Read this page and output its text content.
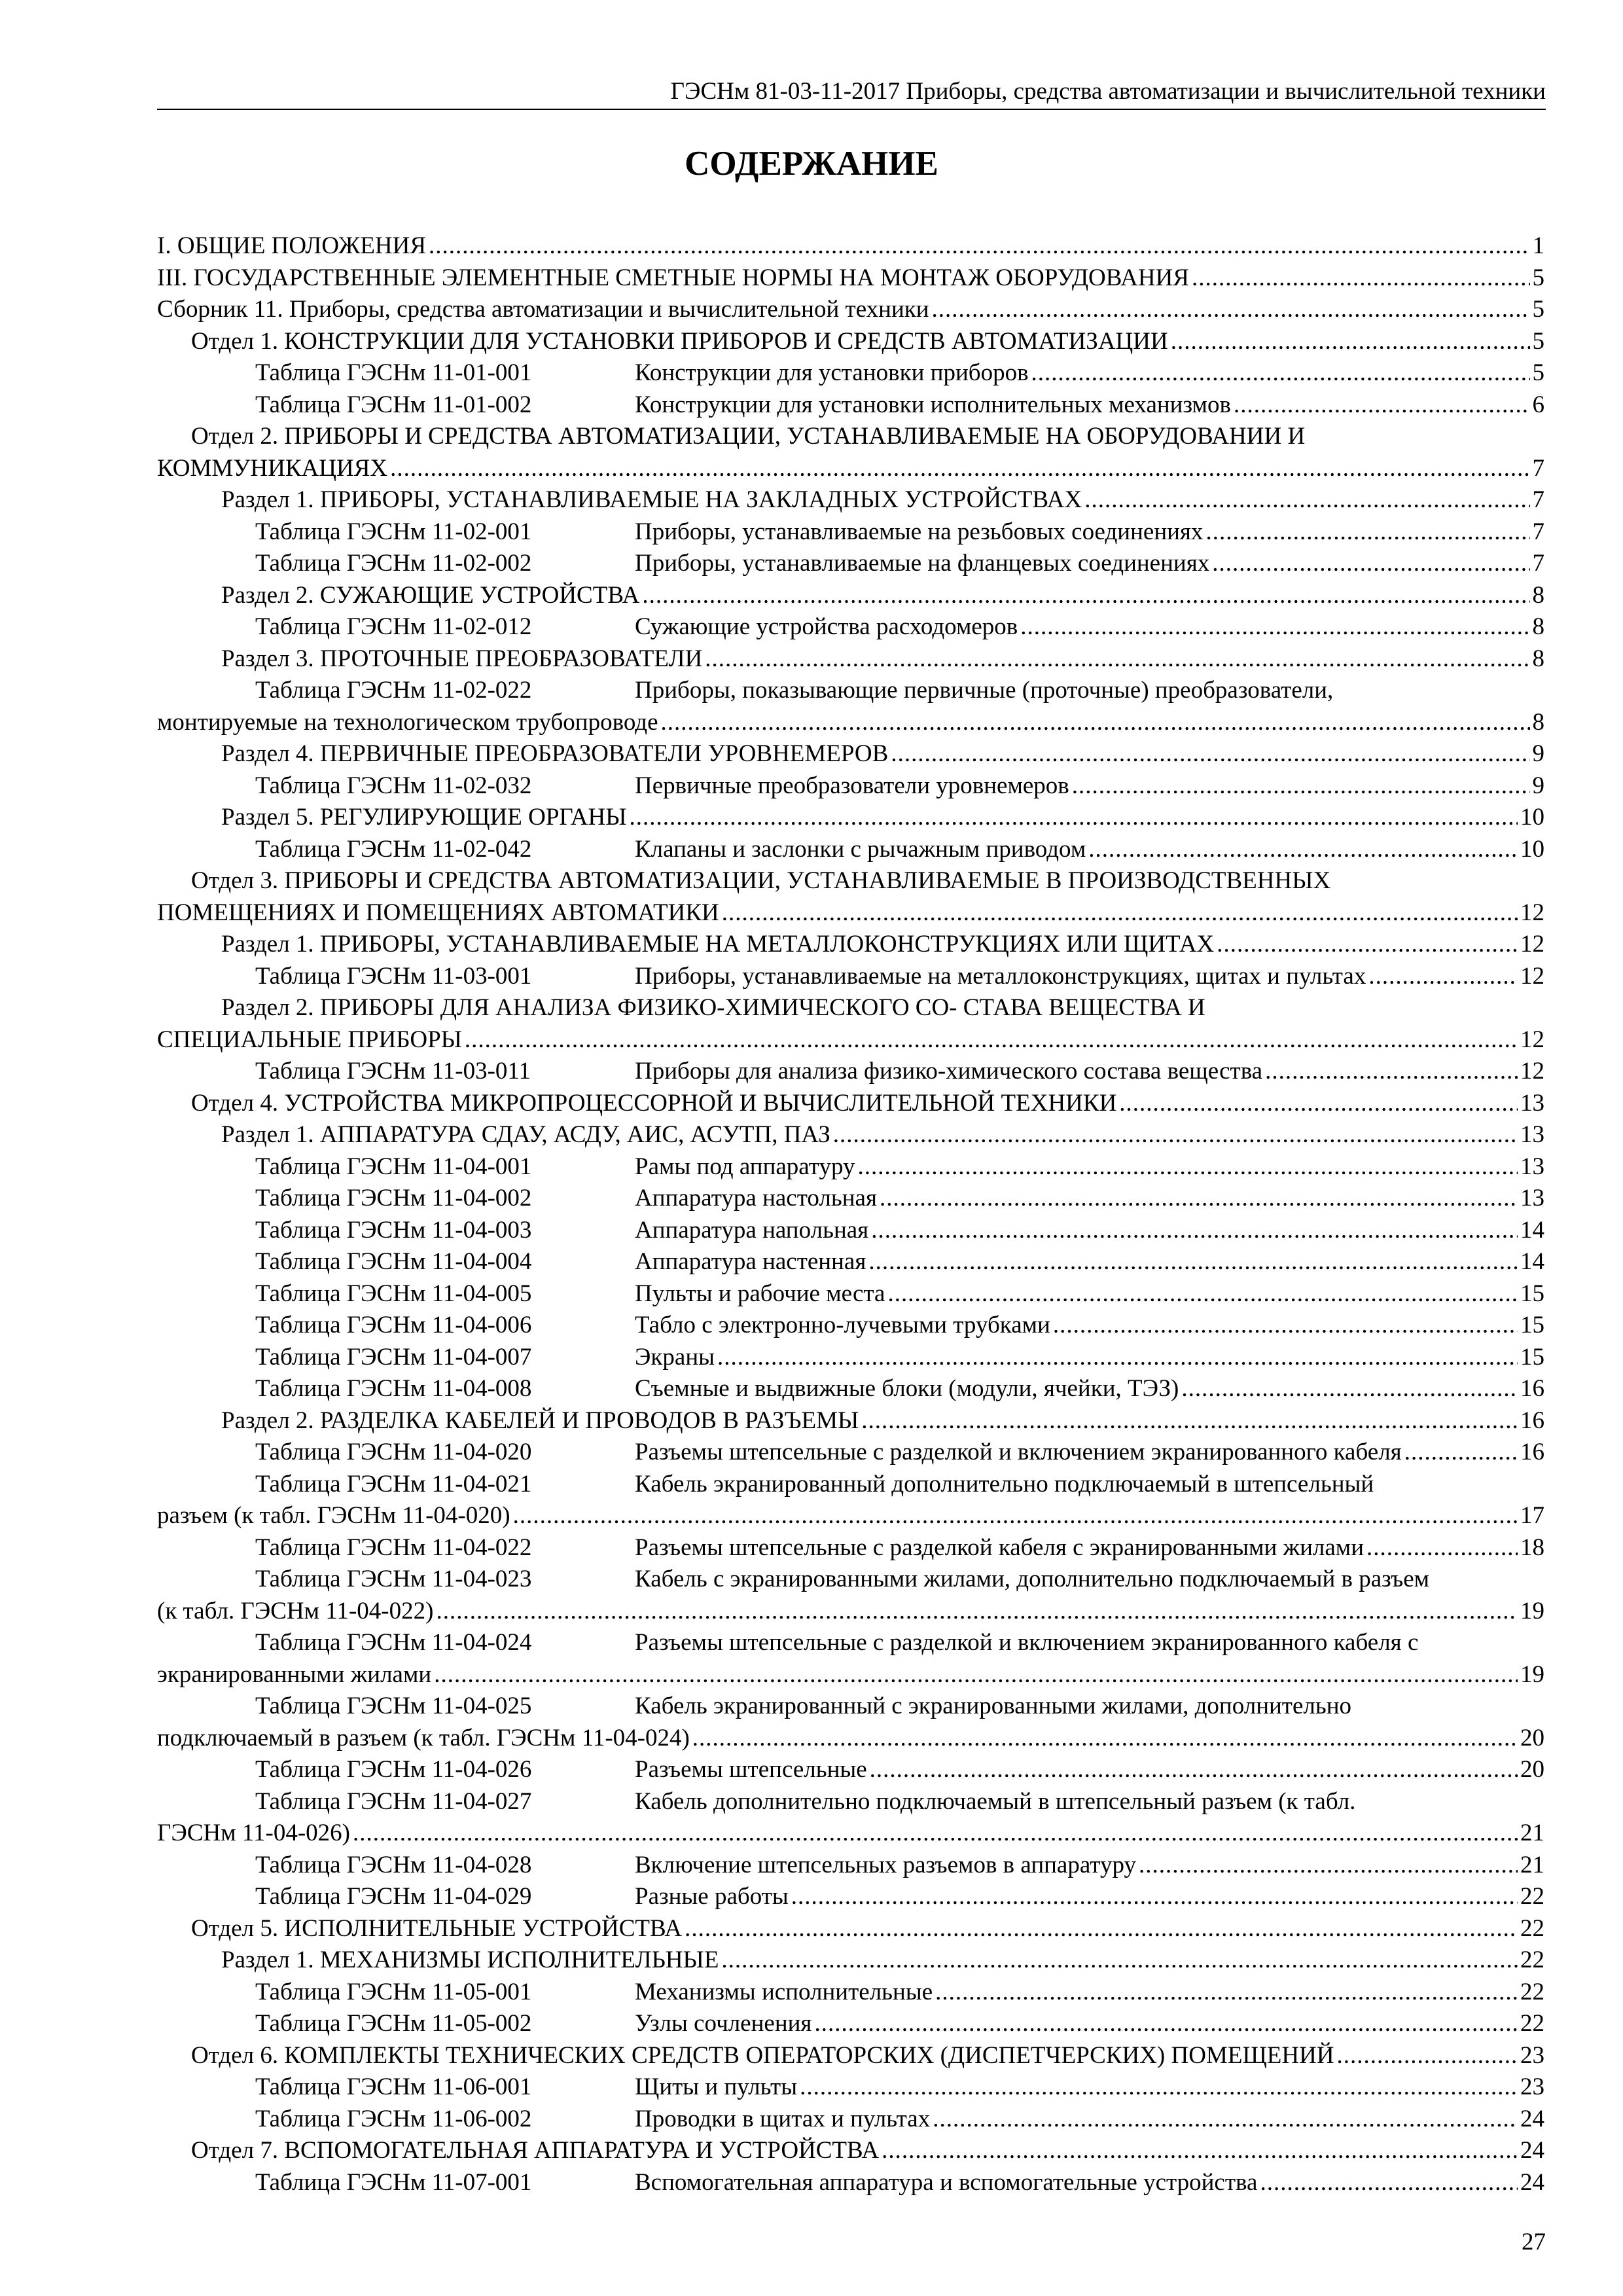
ГЭСНм 81-03-11-2017 Приборы, средства автоматизации и вычислительной техники
СОДЕРЖАНИЕ
I. ОБЩИЕ ПОЛОЖЕНИЯ .....	1
III. ГОСУДАРСТВЕННЫЕ ЭЛЕМЕНТНЫЕ СМЕТНЫЕ НОРМЫ НА МОНТАЖ ОБОРУДОВАНИЯ .....	5
Сборник 11. Приборы, средства автоматизации и вычислительной техники .....	5
Отдел 1. КОНСТРУКЦИИ ДЛЯ УСТАНОВКИ ПРИБОРОВ И СРЕДСТВ АВТОМАТИЗАЦИИ .....	5
Таблица ГЭСНм 11-01-001	Конструкции для установки приборов .....	5
Таблица ГЭСНм 11-01-002	Конструкции для установки исполнительных механизмов .....	6
Отдел 2. ПРИБОРЫ И СРЕДСТВА АВТОМАТИЗАЦИИ, УСТАНАВЛИВАЕМЫЕ НА ОБОРУДОВАНИИ И
КОММУНИКАЦИЯХ .....	7
Раздел 1. ПРИБОРЫ, УСТАНАВЛИВАЕМЫЕ НА ЗАКЛАДНЫХ УСТРОЙСТВАХ .....	7
Таблица ГЭСНм 11-02-001	Приборы, устанавливаемые на резьбовых соединениях .....	7
Таблица ГЭСНм 11-02-002	Приборы, устанавливаемые на фланцевых соединениях .....	7
Раздел 2. СУЖАЮЩИЕ УСТРОЙСТВА .....	8
Таблица ГЭСНм 11-02-012	Сужающие устройства расходомеров .....	8
Раздел 3. ПРОТОЧНЫЕ ПРЕОБРАЗОВАТЕЛИ .....	8
Таблица ГЭСНм 11-02-022	Приборы, показывающие первичные (проточные) преобразователи,
монтируемые на технологическом трубопроводе .....	8
Раздел 4. ПЕРВИЧНЫЕ ПРЕОБРАЗОВАТЕЛИ УРОВНЕМЕРОВ .....	9
Таблица ГЭСНм 11-02-032	Первичные преобразователи уровнемеров .....	9
Раздел 5. РЕГУЛИРУЮЩИЕ ОРГАНЫ .....	10
Таблица ГЭСНм 11-02-042	Клапаны и заслонки с рычажным приводом .....	10
Отдел 3. ПРИБОРЫ И СРЕДСТВА АВТОМАТИЗАЦИИ, УСТАНАВЛИВАЕМЫЕ В ПРОИЗВОДСТВЕННЫХ
ПОМЕЩЕНИЯХ И ПОМЕЩЕНИЯХ АВТОМАТИКИ .....	12
Раздел 1. ПРИБОРЫ, УСТАНАВЛИВАЕМЫЕ НА МЕТАЛЛОКОНСТРУКЦИЯХ ИЛИ ЩИТАХ .....	12
Таблица ГЭСНм 11-03-001	Приборы, устанавливаемые на металлоконструкциях, щитах и пультах .....	12
Раздел 2. ПРИБОРЫ ДЛЯ АНАЛИЗА ФИЗИКО-ХИМИЧЕСКОГО СО- СТАВА ВЕЩЕСТВА И
СПЕЦИАЛЬНЫЕ ПРИБОРЫ .....	12
Таблица ГЭСНм 11-03-011	Приборы для анализа физико-химического состава вещества .....	12
Отдел 4. УСТРОЙСТВА МИКРОПРОЦЕССОРНОЙ И ВЫЧИСЛИТЕЛЬНОЙ ТЕХНИКИ .....	13
Раздел 1. АППАРАТУРА СДАУ, АСДУ, АИС, АСУТП, ПАЗ .....	13
Таблица ГЭСНм 11-04-001	Рамы под аппаратуру .....	13
Таблица ГЭСНм 11-04-002	Аппаратура настольная .....	13
Таблица ГЭСНм 11-04-003	Аппаратура напольная .....	14
Таблица ГЭСНм 11-04-004	Аппаратура настенная .....	14
Таблица ГЭСНм 11-04-005	Пульты и рабочие места .....	15
Таблица ГЭСНм 11-04-006	Табло с электронно-лучевыми трубками .....	15
Таблица ГЭСНм 11-04-007	Экраны .....	15
Таблица ГЭСНм 11-04-008	Съемные и выдвижные блоки (модули, ячейки, ТЭЗ) .....	16
Раздел 2. РАЗДЕЛКА КАБЕЛЕЙ И ПРОВОДОВ В РАЗЪЕМЫ .....	16
Таблица ГЭСНм 11-04-020	Разъемы штепсельные с разделкой и включением экранированного кабеля .....	16
Таблица ГЭСНм 11-04-021	Кабель экранированный дополнительно подключаемый в штепсельный
разъем (к табл. ГЭСНм 11-04-020) .....	17
Таблица ГЭСНм 11-04-022	Разъемы штепсельные с разделкой кабеля с экранированными жилами .....	18
Таблица ГЭСНм 11-04-023	Кабель с экранированными жилами, дополнительно подключаемый в разъем
(к табл. ГЭСНм 11-04-022) .....	19
Таблица ГЭСНм 11-04-024	Разъемы штепсельные с разделкой и включением экранированного кабеля с
экранированными жилами .....	19
Таблица ГЭСНм 11-04-025	Кабель экранированный с экранированными жилами, дополнительно
подключаемый в разъем (к табл. ГЭСНм 11-04-024) .....	20
Таблица ГЭСНм 11-04-026	Разъемы штепсельные .....	20
Таблица ГЭСНм 11-04-027	Кабель дополнительно подключаемый в штепсельный разъем (к табл.
ГЭСНм 11-04-026) .....	21
Таблица ГЭСНм 11-04-028	Включение штепсельных разъемов в аппаратуру .....	21
Таблица ГЭСНм 11-04-029	Разные работы .....	22
Отдел 5. ИСПОЛНИТЕЛЬНЫЕ УСТРОЙСТВА .....	22
Раздел 1. МЕХАНИЗМЫ ИСПОЛНИТЕЛЬНЫЕ .....	22
Таблица ГЭСНм 11-05-001	Механизмы исполнительные .....	22
Таблица ГЭСНм 11-05-002	Узлы сочленения .....	22
Отдел 6. КОМПЛЕКТЫ ТЕХНИЧЕСКИХ СРЕДСТВ ОПЕРАТОРСКИХ (ДИСПЕТЧЕРСКИХ) ПОМЕЩЕНИЙ .....	23
Таблица ГЭСНм 11-06-001	Щиты и пульты .....	23
Таблица ГЭСНм 11-06-002	Проводки в щитах и пультах .....	24
Отдел 7. ВСПОМОГАТЕЛЬНАЯ АППАРАТУРА И УСТРОЙСТВА .....	24
Таблица ГЭСНм 11-07-001	Вспомогательная аппаратура и вспомогательные устройства .....	24
27
